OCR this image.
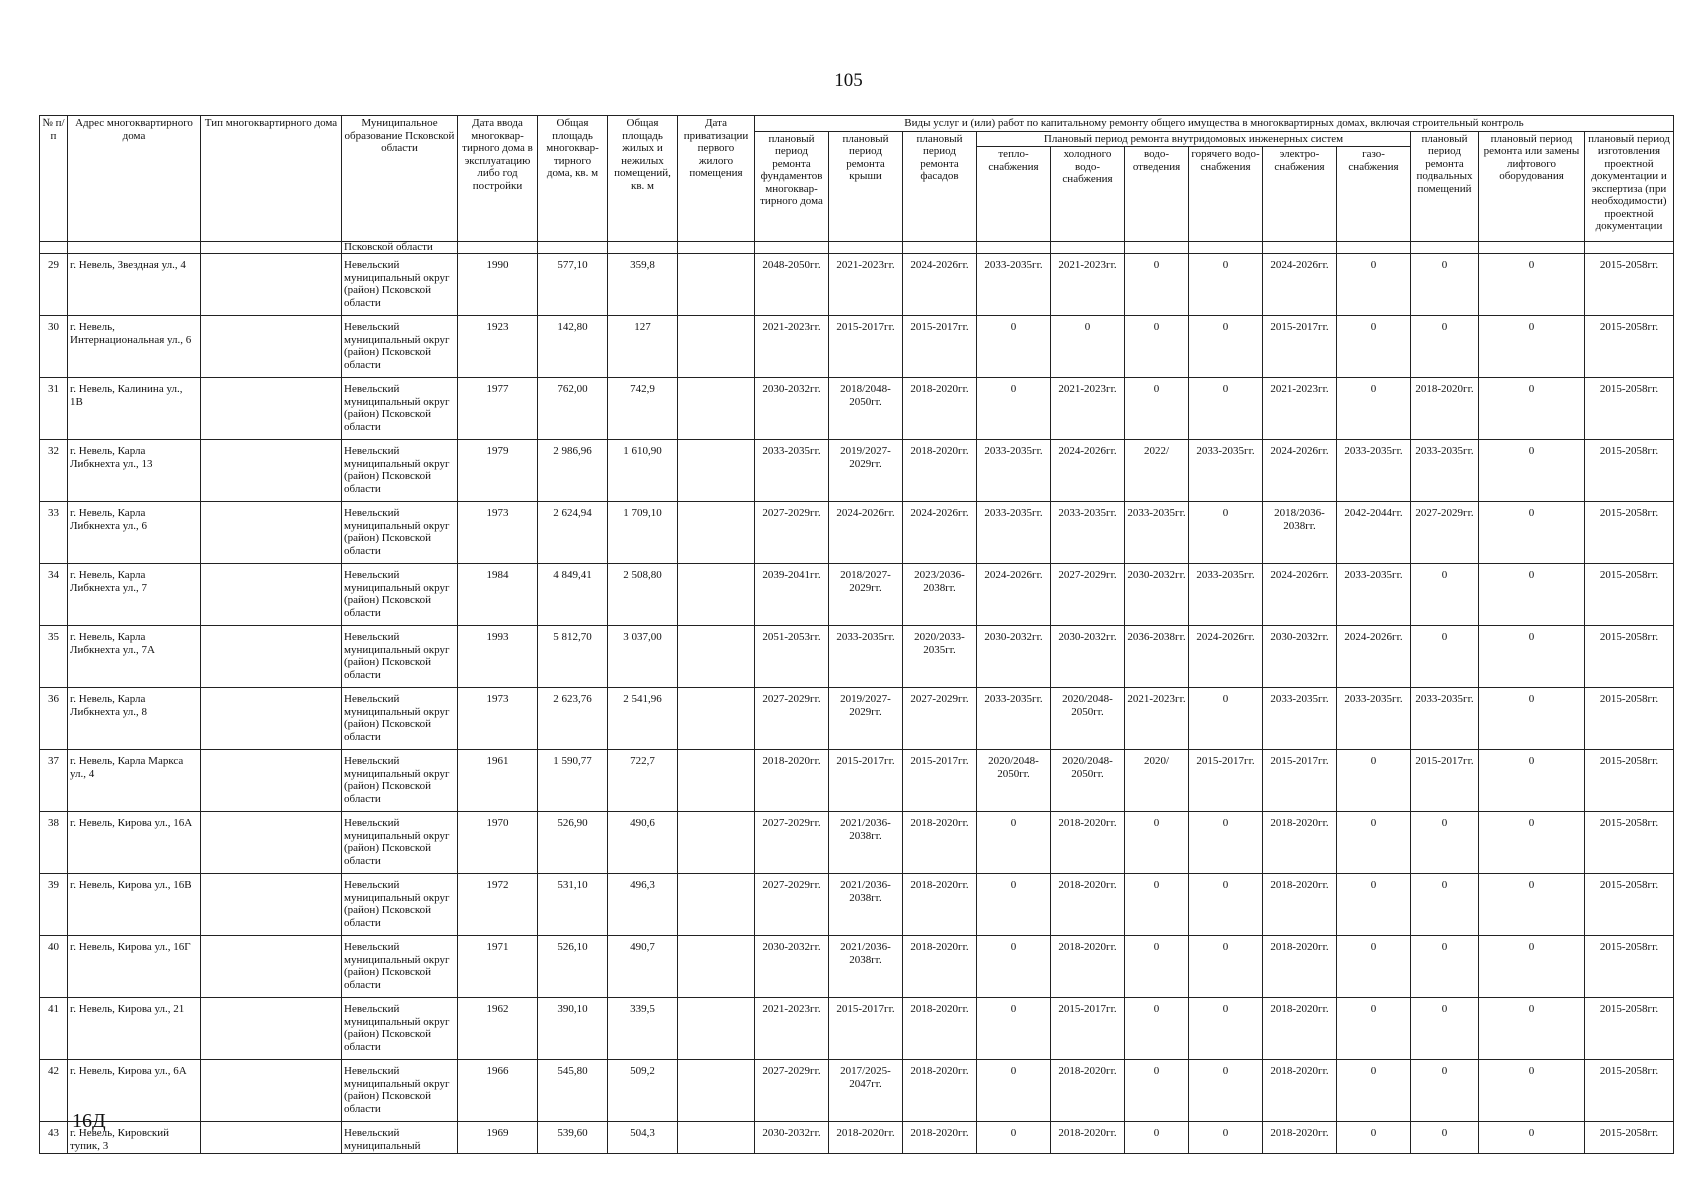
105
№ п/п	Адрес многоквартирного дома	Тип многоквартирного дома	Муниципальное образование Псковской области	Дата ввода многоквар-тирного дома в эксплуатацию либо год постройки	Общая площадь многоквар-тирного дома, кв. м	Общая площадь жилых и нежилых помещений, кв. м	Дата приватизации первого жилого помещения	Виды услуг и (или) работ по капитальному ремонту общего имущества в многоквартирных домах, включая строительный контроль											
								плановый период ремонта фундаментов многоквар-тирного дома	плановый период ремонта крыши	плановый период ремонта фасадов	Плановый период ремонта внутридомовых инженерных систем						плановый период ремонта подвальных помещений	плановый период ремонта или замены лифтового оборудования	плановый период изготовления проектной документации и экспертиза (при необходимости) проектной документации
											тепло-снабжения	холодного водо-снабжения	водо-отведения	горячего водо-снабжения	электро-снабжения	газо-снабжения			
			Псковской области																
29	г. Невель, Звездная ул., 4		Невельский муниципальный округ (район) Псковской области	1990	577,10	359,8		2048-2050гг.	2021-2023гг.	2024-2026гг.	2033-2035гг.	2021-2023гг.	0	0	2024-2026гг.	0	0	0	2015-2058гг.
30	г. Невель, Интернациональная ул., 6		Невельский муниципальный округ (район) Псковской области	1923	142,80	127		2021-2023гг.	2015-2017гг.	2015-2017гг.	0	0	0	0	2015-2017гг.	0	0	0	2015-2058гг.
31	г. Невель, Калинина ул., 1В		Невельский муниципальный округ (район) Псковской области	1977	762,00	742,9		2030-2032гг.	2018/2048-2050гг.	2018-2020гг.	0	2021-2023гг.	0	0	2021-2023гг.	0	2018-2020гг.	0	2015-2058гг.
32	г. Невель, Карла Либкнехта ул., 13		Невельский муниципальный округ (район) Псковской области	1979	2 986,96	1 610,90		2033-2035гг.	2019/2027-2029гг.	2018-2020гг.	2033-2035гг.	2024-2026гг.	2022/	2033-2035гг.	2024-2026гг.	2033-2035гг.	2033-2035гг.	0	2015-2058гг.
33	г. Невель, Карла Либкнехта ул., 6		Невельский муниципальный округ (район) Псковской области	1973	2 624,94	1 709,10		2027-2029гг.	2024-2026гг.	2024-2026гг.	2033-2035гг.	2033-2035гг.	2033-2035гг.	0	2018/2036-2038гг.	2042-2044гг.	2027-2029гг.	0	2015-2058гг.
34	г. Невель, Карла Либкнехта ул., 7		Невельский муниципальный округ (район) Псковской области	1984	4 849,41	2 508,80		2039-2041гг.	2018/2027-2029гг.	2023/2036-2038гг.	2024-2026гг.	2027-2029гг.	2030-2032гг.	2033-2035гг.	2024-2026гг.	2033-2035гг.	0	0	2015-2058гг.
35	г. Невель, Карла Либкнехта ул., 7А		Невельский муниципальный округ (район) Псковской области	1993	5 812,70	3 037,00		2051-2053гг.	2033-2035гг.	2020/2033-2035гг.	2030-2032гг.	2030-2032гг.	2036-2038гг.	2024-2026гг.	2030-2032гг.	2024-2026гг.	0	0	2015-2058гг.
36	г. Невель, Карла Либкнехта ул., 8		Невельский муниципальный округ (район) Псковской области	1973	2 623,76	2 541,96		2027-2029гг.	2019/2027-2029гг.	2027-2029гг.	2033-2035гг.	2020/2048-2050гг.	2021-2023гг.	0	2033-2035гг.	2033-2035гг.	2033-2035гг.	0	2015-2058гг.
37	г. Невель, Карла Маркса ул., 4		Невельский муниципальный округ (район) Псковской области	1961	1 590,77	722,7		2018-2020гг.	2015-2017гг.	2015-2017гг.	2020/2048-2050гг.	2020/2048-2050гг.	2020/	2015-2017гг.	2015-2017гг.	0	2015-2017гг.	0	2015-2058гг.
38	г. Невель, Кирова ул., 16А		Невельский муниципальный округ (район) Псковской области	1970	526,90	490,6		2027-2029гг.	2021/2036-2038гг.	2018-2020гг.	0	2018-2020гг.	0	0	2018-2020гг.	0	0	0	2015-2058гг.
39	г. Невель, Кирова ул., 16В		Невельский муниципальный округ (район) Псковской области	1972	531,10	496,3		2027-2029гг.	2021/2036-2038гг.	2018-2020гг.	0	2018-2020гг.	0	0	2018-2020гг.	0	0	0	2015-2058гг.
40	г. Невель, Кирова ул., 16Г		Невельский муниципальный округ (район) Псковской области	1971	526,10	490,7		2030-2032гг.	2021/2036-2038гг.	2018-2020гг.	0	2018-2020гг.	0	0	2018-2020гг.	0	0	0	2015-2058гг.
41	г. Невель, Кирова ул., 21		Невельский муниципальный округ (район) Псковской области	1962	390,10	339,5		2021-2023гг.	2015-2017гг.	2018-2020гг.	0	2015-2017гг.	0	0	2018-2020гг.	0	0	0	2015-2058гг.
42	г. Невель, Кирова ул., 6А		Невельский муниципальный округ (район) Псковской области	1966	545,80	509,2		2027-2029гг.	2017/2025-2047гг.	2018-2020гг.	0	2018-2020гг.	0	0	2018-2020гг.	0	0	0	2015-2058гг.
43	г. Невель, Кировский тупик, 3		Невельский муниципальный	1969	539,60	504,3		2030-2032гг.	2018-2020гг.	2018-2020гг.	0	2018-2020гг.	0	0	2018-2020гг.	0	0	0	2015-2058гг.
16Д
